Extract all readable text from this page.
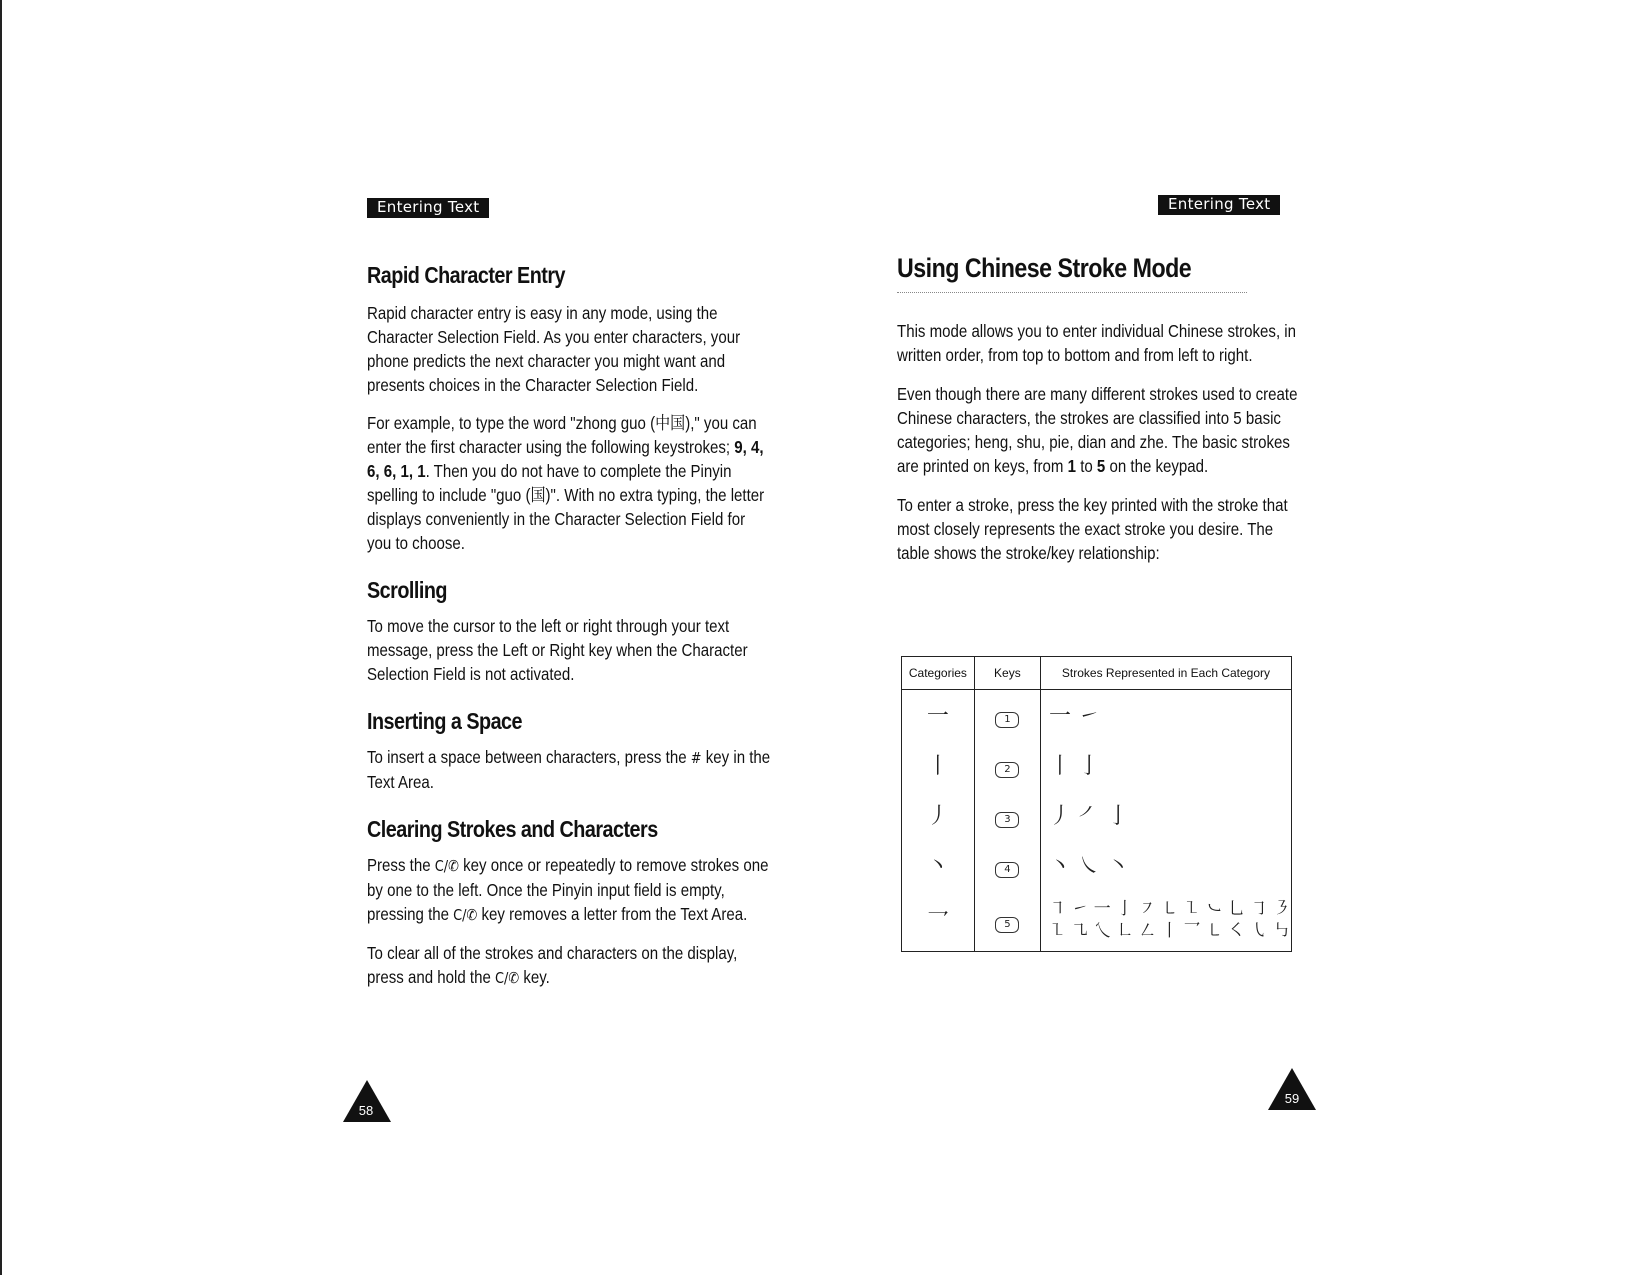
Entering Text	Entering Text
Rapid Character Entry

Rapid character entry is easy in any mode, using the Character Selection Field. As you enter characters, your phone predicts the next character you might want and presents choices in the Character Selection Field.

For example, to type the word "zhong guo (中国)," you can enter the first character using the following keystrokes; 9, 4, 6, 6, 1, 1. Then you do not have to complete the Pinyin spelling to include "guo (国)". With no extra typing, the letter displays conveniently in the Character Selection Field for you to choose.

Scrolling

To move the cursor to the left or right through your text message, press the Left or Right key when the Character Selection Field is not activated.

Inserting a Space

To insert a space between characters, press the # key in the Text Area.

Clearing Strokes and Characters

Press the C/✆ key once or repeatedly to remove strokes one by one to the left. Once the Pinyin input field is empty, pressing the C/✆ key removes a letter from the Text Area.

To clear all of the strokes and characters on the display, press and hold the C/✆ key.

Using Chinese Stroke Mode

This mode allows you to enter individual Chinese strokes, in written order, from top to bottom and from left to right.

Even though there are many different strokes used to create Chinese characters, the strokes are classified into 5 basic categories; heng, shu, pie, dian and zhe. The basic strokes are printed on keys, from 1 to 5 on the keypad.

To enter a stroke, press the key printed with the stroke that most closely represents the exact stroke you desire. The table shows the stroke/key relationship:

Categories	Keys	Strokes Represented in Each Category
一	1	一 ㇀
丨	2	丨 亅
丿	3	丿 ㇒ 亅
丶	4	丶 ㇏ ㇔
乛	5	㇕ ㇀ 一 亅 ㇇ ㇄ ㇅ ㇃ 乚 ㇆ ㇋
㇅ ㇈ 乀 ㇗ ㇜ 丨 乛 ㇄ ㇛ ㇂ ㇉
58
59
